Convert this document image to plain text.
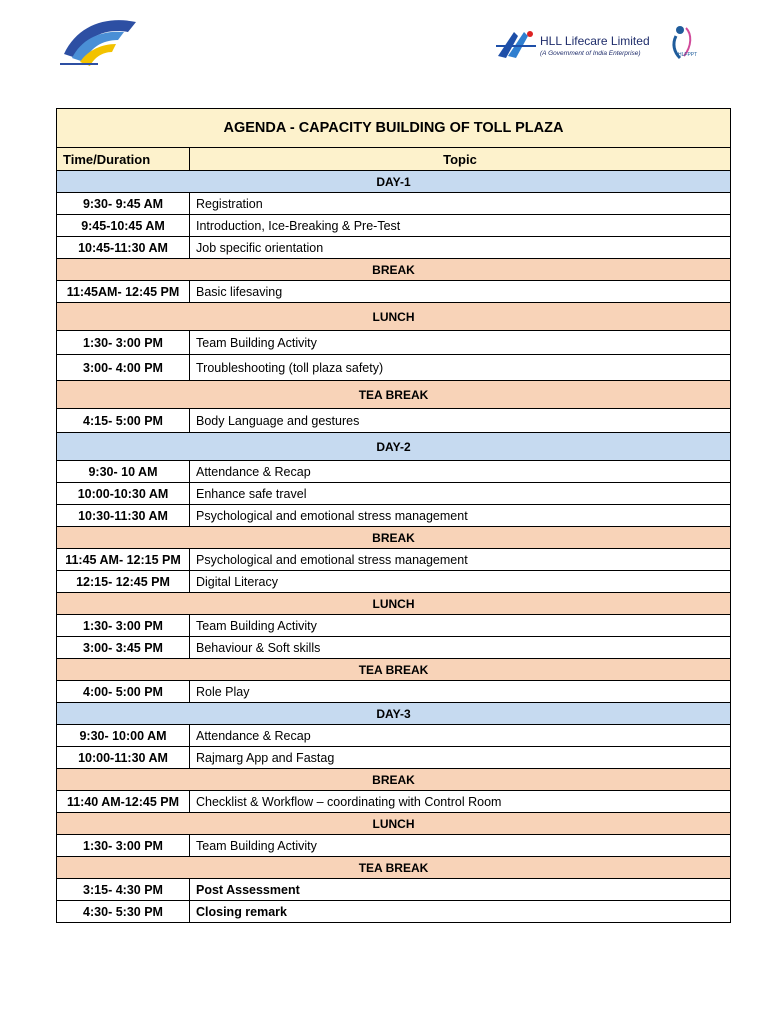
HLL Lifecare Limited
(A Government of India Enterprise)	HLFPPT
AGENDA - CAPACITY BUILDING OF TOLL PLAZA	
Time/Duration	Topic
DAY-1	
9:30- 9:45 AM	Registration
9:45-10:45 AM	Introduction, Ice-Breaking & Pre-Test
10:45-11:30 AM	Job specific orientation
BREAK	
11:45AM- 12:45 PM	Basic lifesaving
LUNCH	
1:30- 3:00 PM	Team Building Activity
3:00- 4:00 PM	Troubleshooting (toll plaza safety)
TEA BREAK	
4:15- 5:00 PM	Body Language and gestures
DAY-2	
9:30- 10 AM	Attendance & Recap
10:00-10:30 AM	Enhance safe travel
10:30-11:30 AM	Psychological and emotional stress management
BREAK	
11:45 AM- 12:15 PM	Psychological and emotional stress management
12:15- 12:45 PM	Digital Literacy
LUNCH	
1:30- 3:00 PM	Team Building Activity
3:00- 3:45 PM	Behaviour & Soft skills
TEA BREAK	
4:00- 5:00 PM	Role Play
DAY-3	
9:30- 10:00 AM	Attendance & Recap
10:00-11:30 AM	Rajmarg App and Fastag
BREAK	
11:40 AM-12:45 PM	Checklist & Workflow – coordinating with Control Room
LUNCH	
1:30- 3:00 PM	Team Building Activity
TEA BREAK	
3:15- 4:30 PM	Post Assessment
4:30- 5:30 PM	Closing remark
